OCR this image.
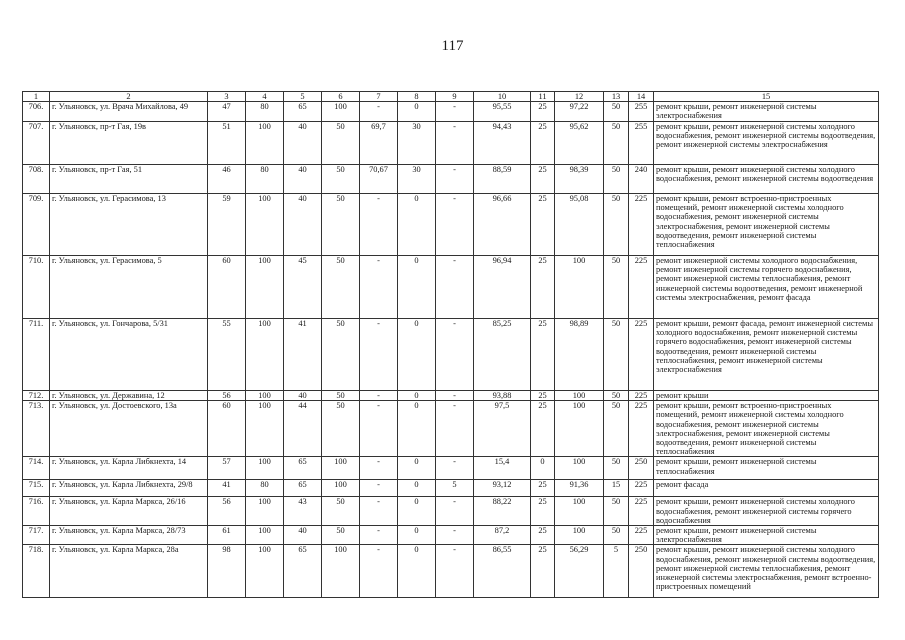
117
1	2	3	4	5	6	7	8	9	10	11	12	13	14	15
706.	г. Ульяновск, ул. Врача Михайлова, 49	47	80	65	100	-	0	-	95,55	25	97,22	50	255	ремонт крыши, ремонт инженерной системы электроснабжения
707.	г. Ульяновск, пр-т Гая, 19в	51	100	40	50	69,7	30	-	94,43	25	95,62	50	255	ремонт крыши, ремонт инженерной системы холодного водоснабжения, ремонт инженерной системы водоотведения, ремонт инженерной системы электроснабжения
708.	г. Ульяновск, пр-т Гая, 51	46	80	40	50	70,67	30	-	88,59	25	98,39	50	240	ремонт крыши, ремонт инженерной системы холодного водоснабжения, ремонт инженерной системы водоотведения
709.	г. Ульяновск, ул. Герасимова, 13	59	100	40	50	-	0	-	96,66	25	95,08	50	225	ремонт крыши, ремонт встроенно-пристроенных помещений, ремонт инженерной системы холодного водоснабжения, ремонт инженерной системы электроснабжения, ремонт инженерной системы водоотведения, ремонт инженерной системы теплоснабжения
710.	г. Ульяновск, ул. Герасимова, 5	60	100	45	50	-	0	-	96,94	25	100	50	225	ремонт инженерной системы холодного водоснабжения, ремонт инженерной системы горячего водоснабжения, ремонт инженерной системы теплоснабжения, ремонт инженерной системы водоотведения, ремонт инженерной системы электроснабжения, ремонт фасада
711.	г. Ульяновск, ул. Гончарова, 5/31	55	100	41	50	-	0	-	85,25	25	98,89	50	225	ремонт крыши, ремонт фасада, ремонт инженерной системы холодного водоснабжения, ремонт инженерной системы горячего водоснабжения, ремонт инженерной системы водоотведения, ремонт инженерной системы теплоснабжения, ремонт инженерной системы электроснабжения
712.	г. Ульяновск, ул. Державина, 12	56	100	40	50	-	0	-	93,88	25	100	50	225	ремонт крыши
713.	г. Ульяновск, ул. Достоевского, 13а	60	100	44	50	-	0	-	97,5	25	100	50	225	ремонт крыши, ремонт встроенно-пристроенных помещений, ремонт инженерной системы холодного водоснабжения, ремонт инженерной системы электроснабжения, ремонт инженерной системы водоотведения, ремонт инженерной системы теплоснабжения
714.	г. Ульяновск, ул. Карла Либкнехта, 14	57	100	65	100	-	0	-	15,4	0	100	50	250	ремонт крыши, ремонт инженерной системы теплоснабжения
715.	г. Ульяновск, ул. Карла Либкнехта, 29/8	41	80	65	100	-	0	5	93,12	25	91,36	15	225	ремонт фасада
716.	г. Ульяновск, ул. Карла Маркса, 26/16	56	100	43	50	-	0	-	88,22	25	100	50	225	ремонт крыши, ремонт инженерной системы холодного водоснабжения, ремонт инженерной системы горячего водоснабжения
717.	г. Ульяновск, ул. Карла Маркса, 28/73	61	100	40	50	-	0	-	87,2	25	100	50	225	ремонт крыши, ремонт инженерной системы электроснабжения
718.	г. Ульяновск, ул. Карла Маркса, 28а	98	100	65	100	-	0	-	86,55	25	56,29	5	250	ремонт крыши, ремонт инженерной системы холодного водоснабжения, ремонт инженерной системы водоотведения, ремонт инженерной системы теплоснабжения, ремонт инженерной системы электроснабжения, ремонт встроенно-пристроенных помещений
